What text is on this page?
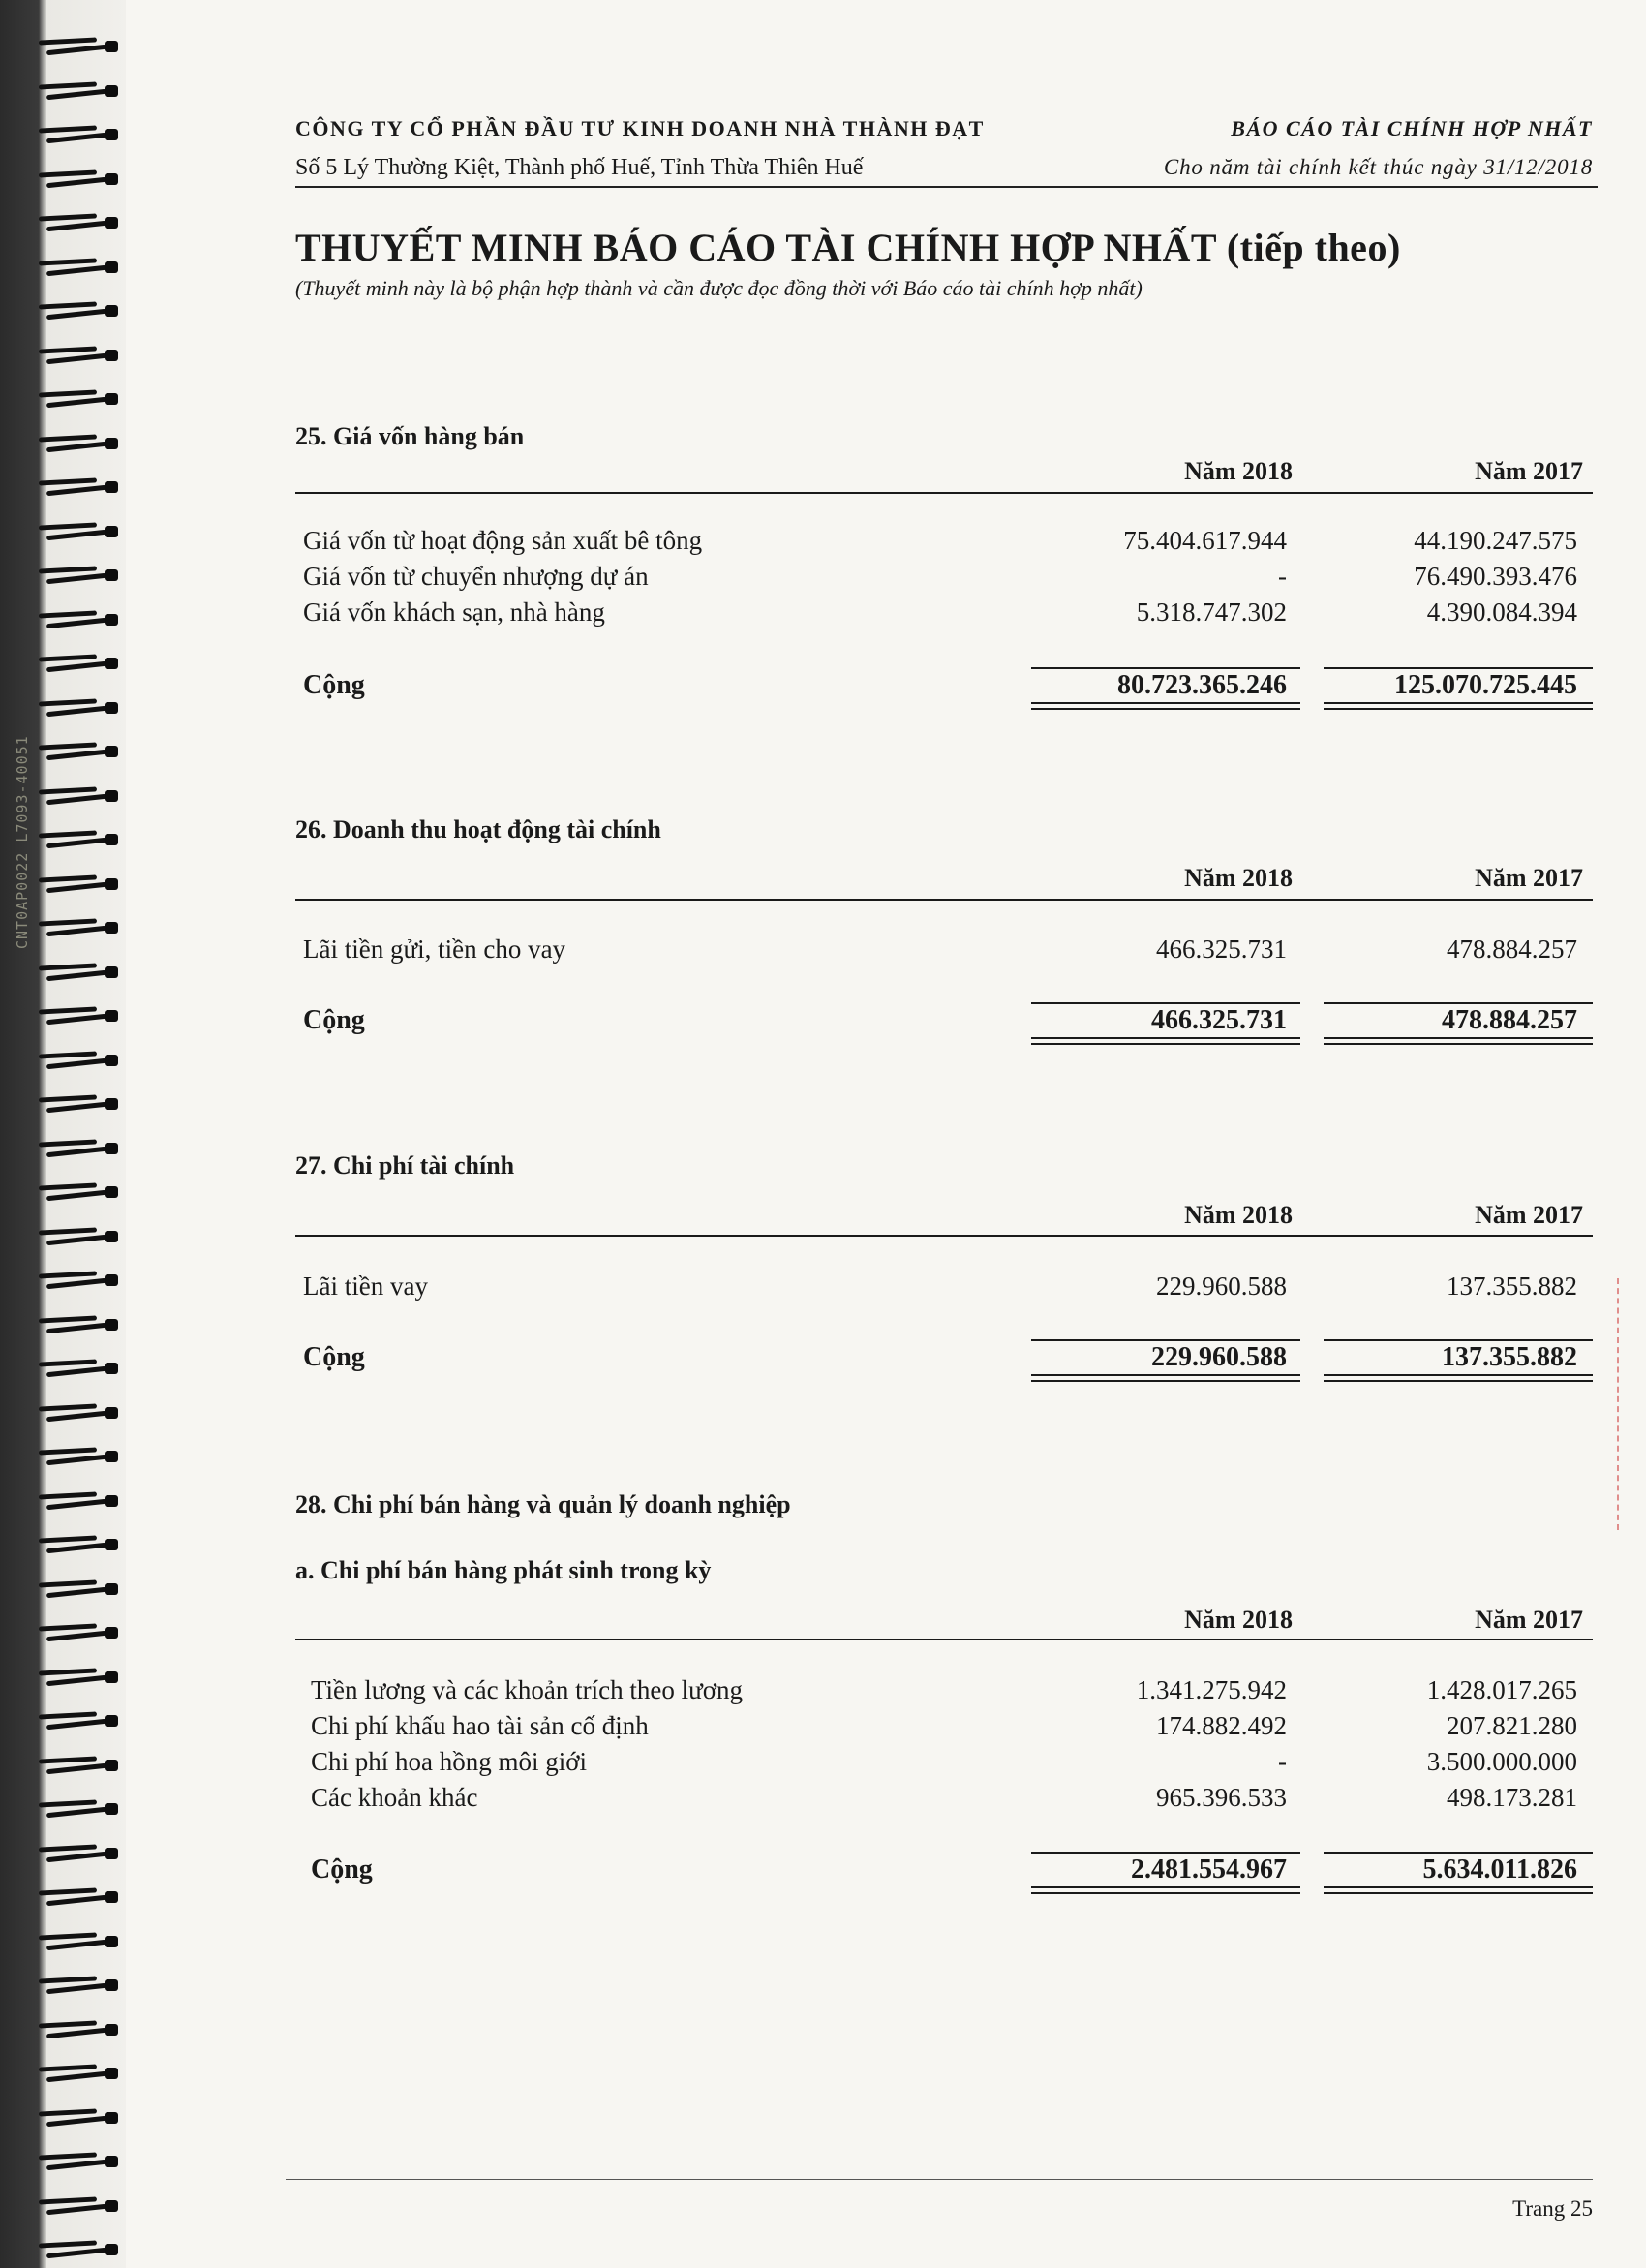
CNT0AP0022 L7093-40051
CÔNG TY CỔ PHẦN ĐẦU TƯ KINH DOANH NHÀ THÀNH ĐẠT	BÁO CÁO TÀI CHÍNH HỢP NHẤT
Số 5 Lý Thường Kiệt, Thành phố Huế, Tỉnh Thừa Thiên Huế	Cho năm tài chính kết thúc ngày 31/12/2018
THUYẾT MINH BÁO CÁO TÀI CHÍNH HỢP NHẤT (tiếp theo)
(Thuyết minh này là bộ phận hợp thành và cần được đọc đồng thời với Báo cáo tài chính hợp nhất)
25. Giá vốn hàng bán
Năm 2018	Năm 2017
Giá vốn từ hoạt động sản xuất bê tông	75.404.617.944	44.190.247.575
Giá vốn từ chuyển nhượng dự án	-	76.490.393.476
Giá vốn khách sạn, nhà hàng	5.318.747.302	4.390.084.394
Cộng	80.723.365.246	125.070.725.445
26. Doanh thu hoạt động tài chính
Năm 2018	Năm 2017
Lãi tiền gửi, tiền cho vay	466.325.731	478.884.257
Cộng	466.325.731	478.884.257
27. Chi phí tài chính
Năm 2018	Năm 2017
Lãi tiền vay	229.960.588	137.355.882
Cộng	229.960.588	137.355.882
28. Chi phí bán hàng và quản lý doanh nghiệp
a. Chi phí bán hàng phát sinh trong kỳ
Năm 2018	Năm 2017
Tiền lương và các khoản trích theo lương	1.341.275.942	1.428.017.265
Chi phí khấu hao tài sản cố định	174.882.492	207.821.280
Chi phí hoa hồng môi giới	-	3.500.000.000
Các khoản khác	965.396.533	498.173.281
Cộng	2.481.554.967	5.634.011.826
Trang 25
